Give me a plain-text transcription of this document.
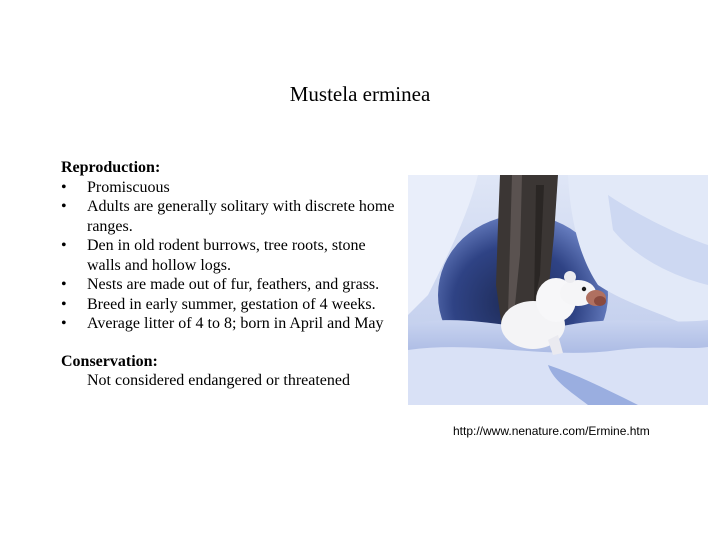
Mustela erminea
Reproduction:
• Promiscuous
• Adults are generally solitary with discrete home ranges.
• Den in old rodent burrows, tree roots, stone walls and hollow logs.
• Nests are made out of fur, feathers, and grass.
• Breed in early summer, gestation of 4 weeks.
• Average litter of 4 to 8; born in April and May
Conservation:
Not considered endangered or threatened
http://www.nenature.com/Ermine.htm
